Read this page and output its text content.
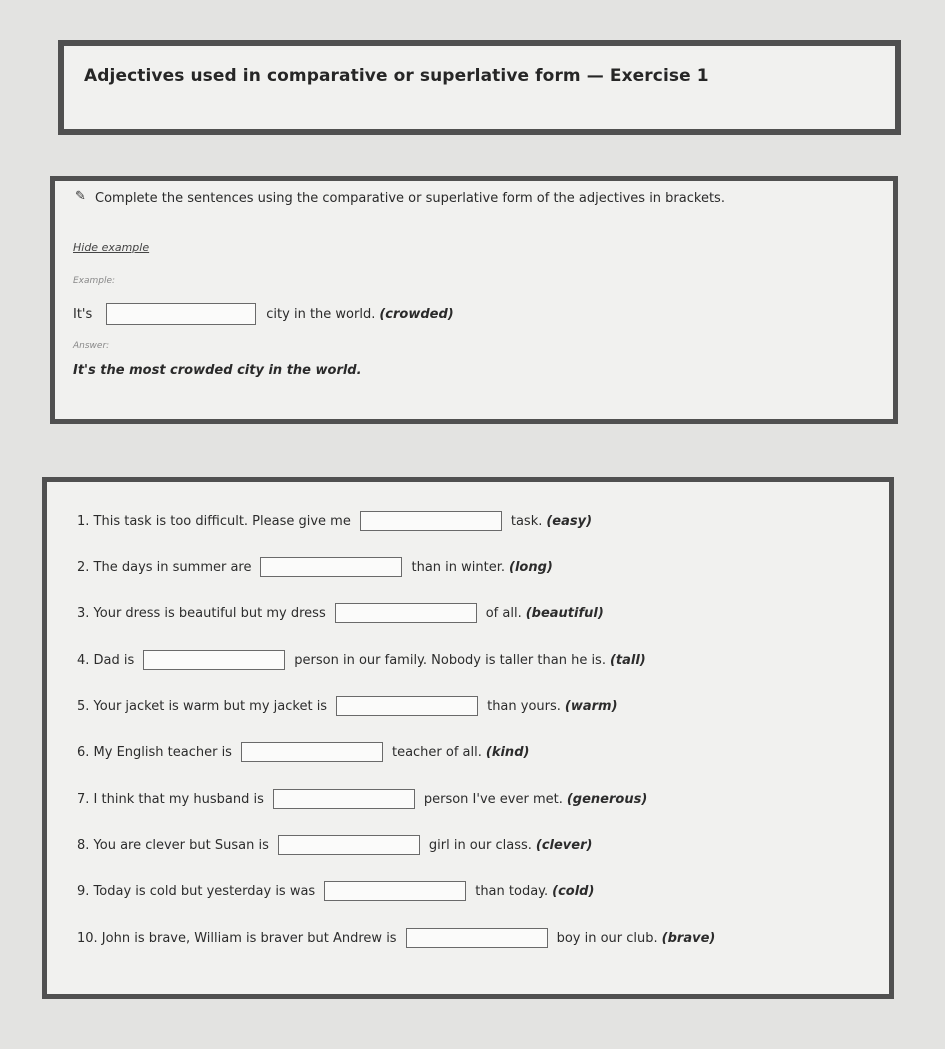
Adjectives used in comparative or superlative form — Exercise 1
✎ Complete the sentences using the comparative or superlative form of the adjectives in brackets.
Hide example
Example:
It's	city in the world. (crowded)
Answer:
It's the most crowded city in the world.
1. This task is too difficult. Please give me	task. (easy)
2. The days in summer are	than in winter. (long)
3. Your dress is beautiful but my dress	of all. (beautiful)
4. Dad is	person in our family. Nobody is taller than he is. (tall)
5. Your jacket is warm but my jacket is	than yours. (warm)
6. My English teacher is	teacher of all. (kind)
7. I think that my husband is	person I've ever met. (generous)
8. You are clever but Susan is	girl in our class. (clever)
9. Today is cold but yesterday is was	than today. (cold)
10. John is brave, William is braver but Andrew is	boy in our club. (brave)
